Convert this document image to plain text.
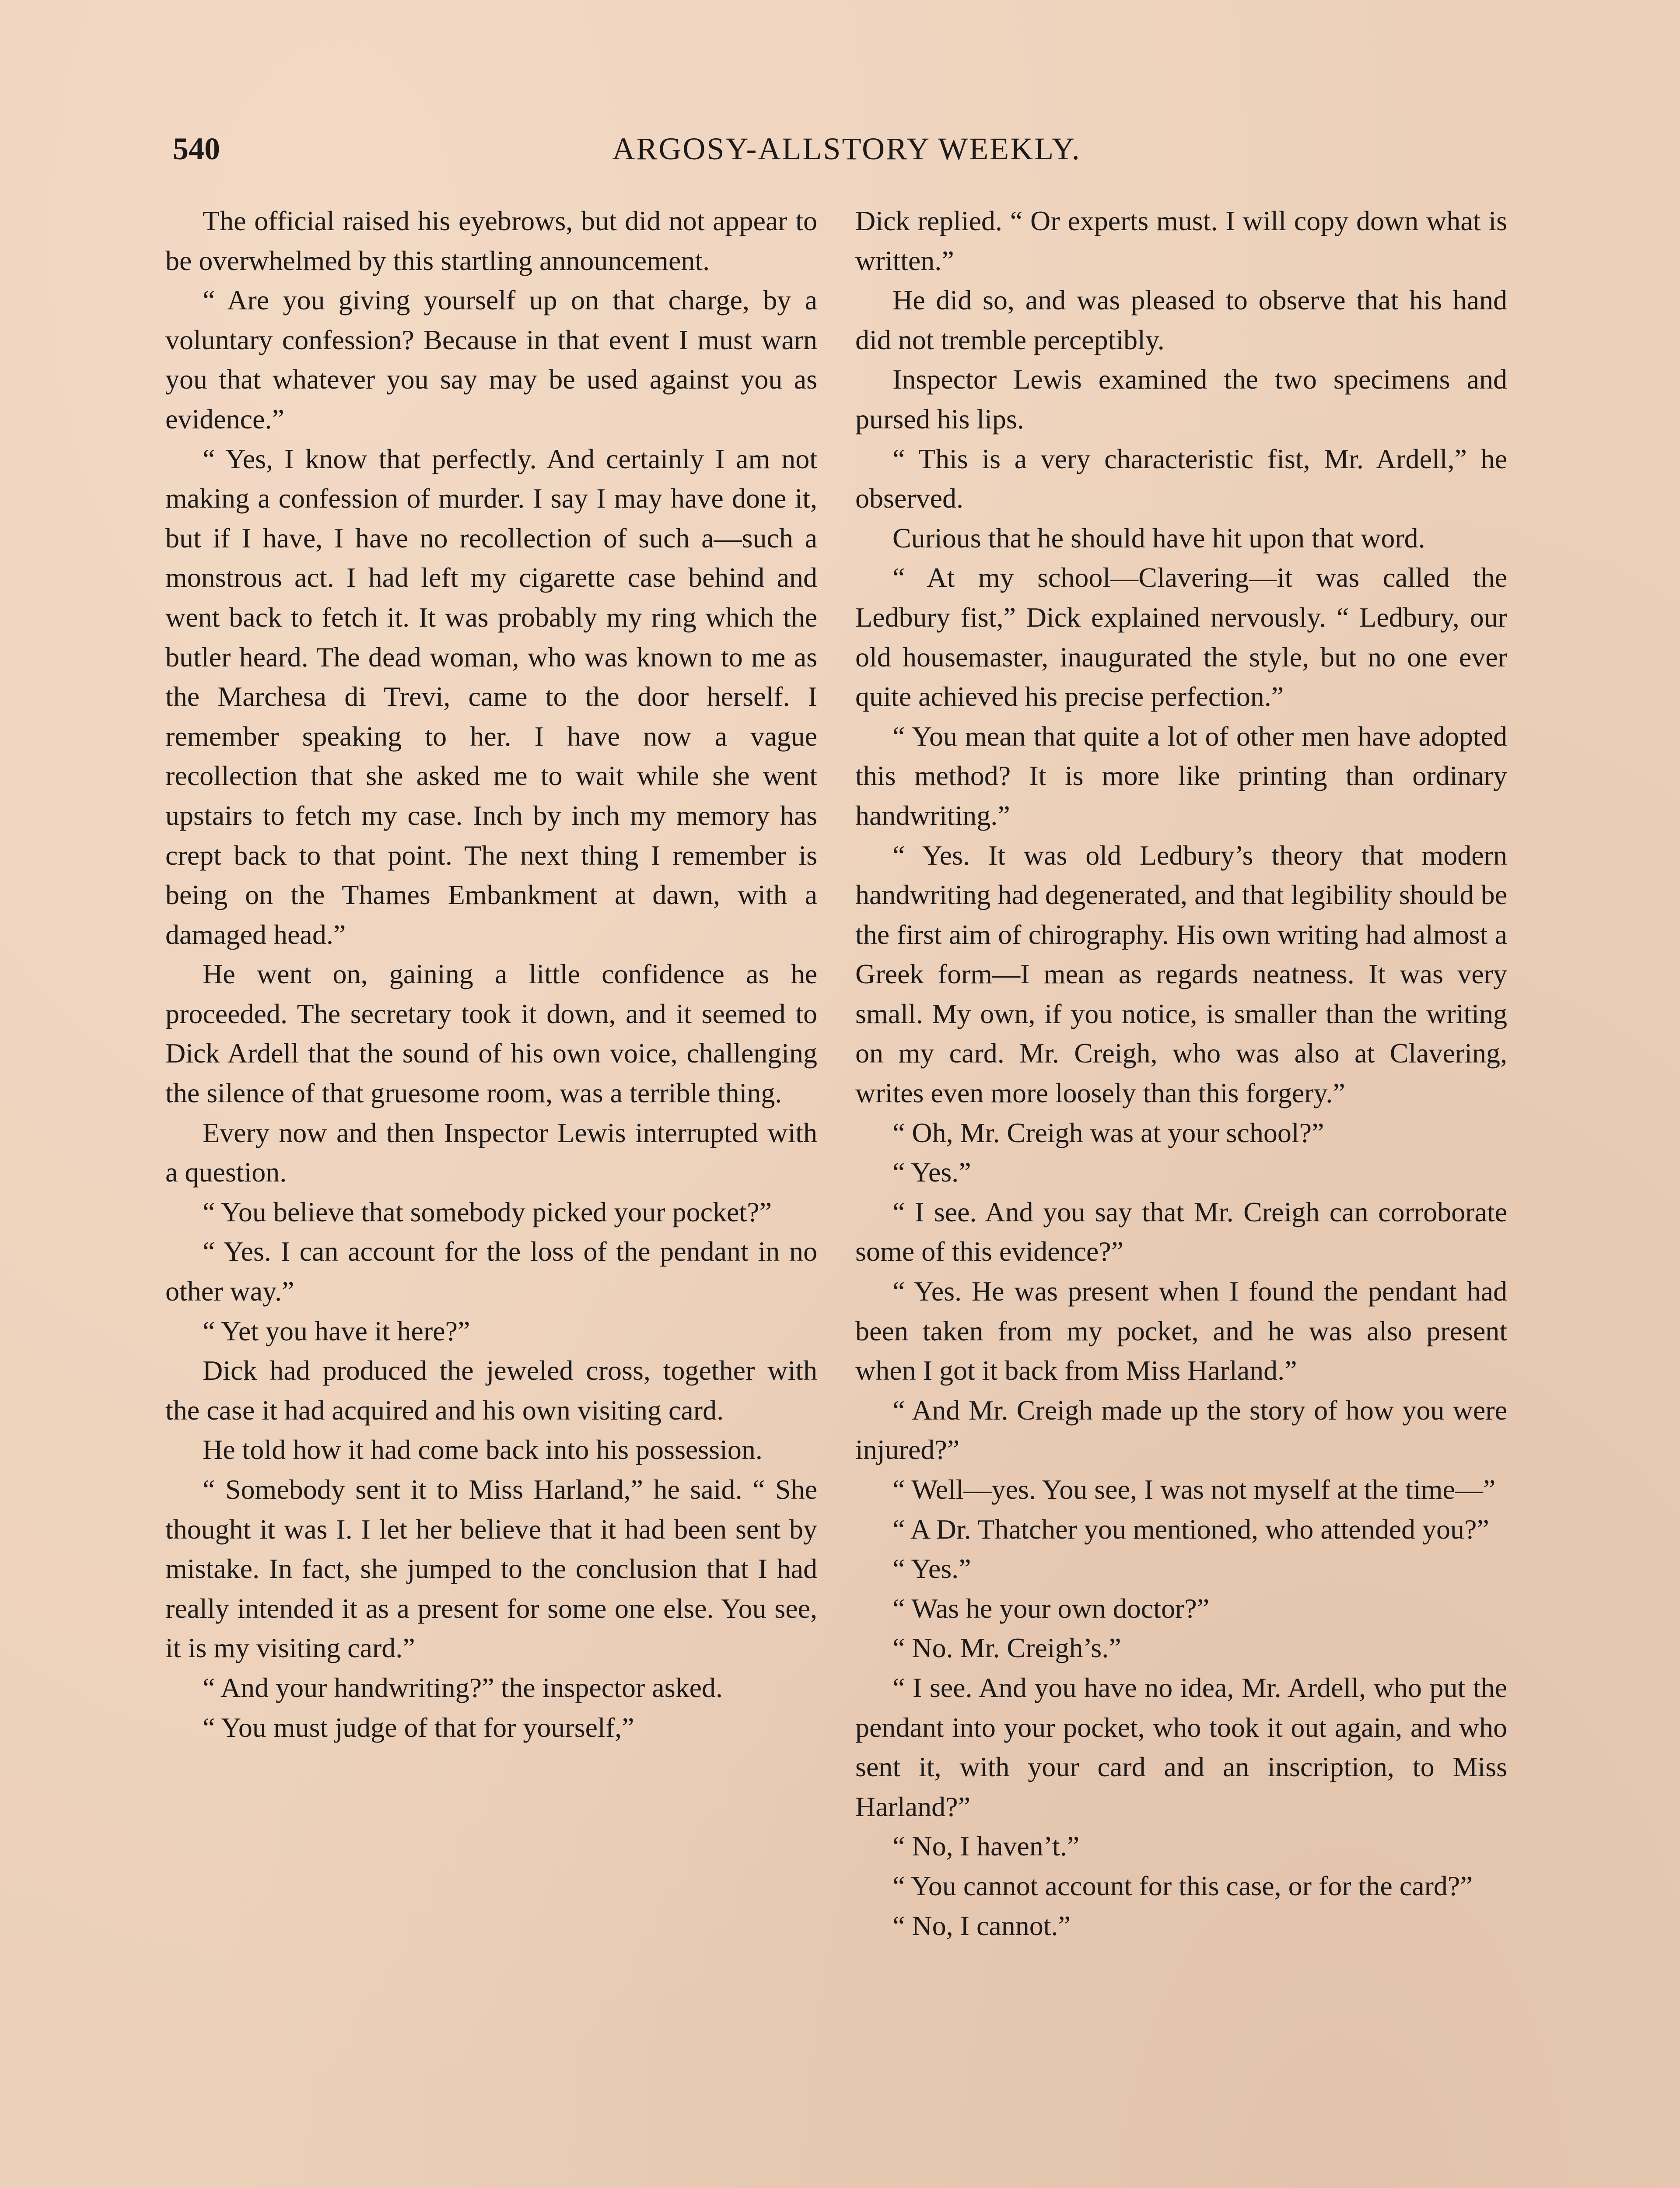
540	ARGOSY-ALLSTORY WEEKLY.

The official raised his eyebrows, but did not appear to be overwhelmed by this startling announcement.

“ Are you giving yourself up on that charge, by a voluntary confession? Because in that event I must warn you that whatever you say may be used against you as evidence.”

“ Yes, I know that perfectly. And certainly I am not making a confession of murder. I say I may have done it, but if I have, I have no recollection of such a—such a monstrous act. I had left my cigarette case behind and went back to fetch it. It was probably my ring which the butler heard. The dead woman, who was known to me as the Marchesa di Trevi, came to the door herself. I remember speaking to her. I have now a vague recollection that she asked me to wait while she went upstairs to fetch my case. Inch by inch my memory has crept back to that point. The next thing I remember is being on the Thames Embankment at dawn, with a damaged head.”

He went on, gaining a little confidence as he proceeded. The secretary took it down, and it seemed to Dick Ardell that the sound of his own voice, challenging the silence of that gruesome room, was a terrible thing.

Every now and then Inspector Lewis interrupted with a question.

“ You believe that somebody picked your pocket?”

“ Yes. I can account for the loss of the pendant in no other way.”

“ Yet you have it here?”

Dick had produced the jeweled cross, together with the case it had acquired and his own visiting card.

He told how it had come back into his possession.

“ Somebody sent it to Miss Harland,” he said. “ She thought it was I. I let her believe that it had been sent by mistake. In fact, she jumped to the conclusion that I had really intended it as a present for some one else. You see, it is my visiting card.”

“ And your handwriting?” the inspector asked.

“ You must judge of that for yourself,”

Dick replied. “ Or experts must. I will copy down what is written.”

He did so, and was pleased to observe that his hand did not tremble perceptibly.

Inspector Lewis examined the two specimens and pursed his lips.

“ This is a very characteristic fist, Mr. Ardell,” he observed.

Curious that he should have hit upon that word.

“ At my school—Clavering—it was called the Ledbury fist,” Dick explained nervously. “ Ledbury, our old housemaster, inaugurated the style, but no one ever quite achieved his precise perfection.”

“ You mean that quite a lot of other men have adopted this method? It is more like printing than ordinary handwriting.”

“ Yes. It was old Ledbury’s theory that modern handwriting had degenerated, and that legibility should be the first aim of chirography. His own writing had almost a Greek form—I mean as regards neatness. It was very small. My own, if you notice, is smaller than the writing on my card. Mr. Creigh, who was also at Clavering, writes even more loosely than this forgery.”

“ Oh, Mr. Creigh was at your school?”

“ Yes.”

“ I see. And you say that Mr. Creigh can corroborate some of this evidence?”

“ Yes. He was present when I found the pendant had been taken from my pocket, and he was also present when I got it back from Miss Harland.”

“ And Mr. Creigh made up the story of how you were injured?”

“ Well—yes. You see, I was not myself at the time—”

“ A Dr. Thatcher you mentioned, who attended you?”

“ Yes.”

“ Was he your own doctor?”

“ No. Mr. Creigh’s.”

“ I see. And you have no idea, Mr. Ardell, who put the pendant into your pocket, who took it out again, and who sent it, with your card and an inscription, to Miss Harland?”

“ No, I haven’t.”

“ You cannot account for this case, or for the card?”

“ No, I cannot.”
